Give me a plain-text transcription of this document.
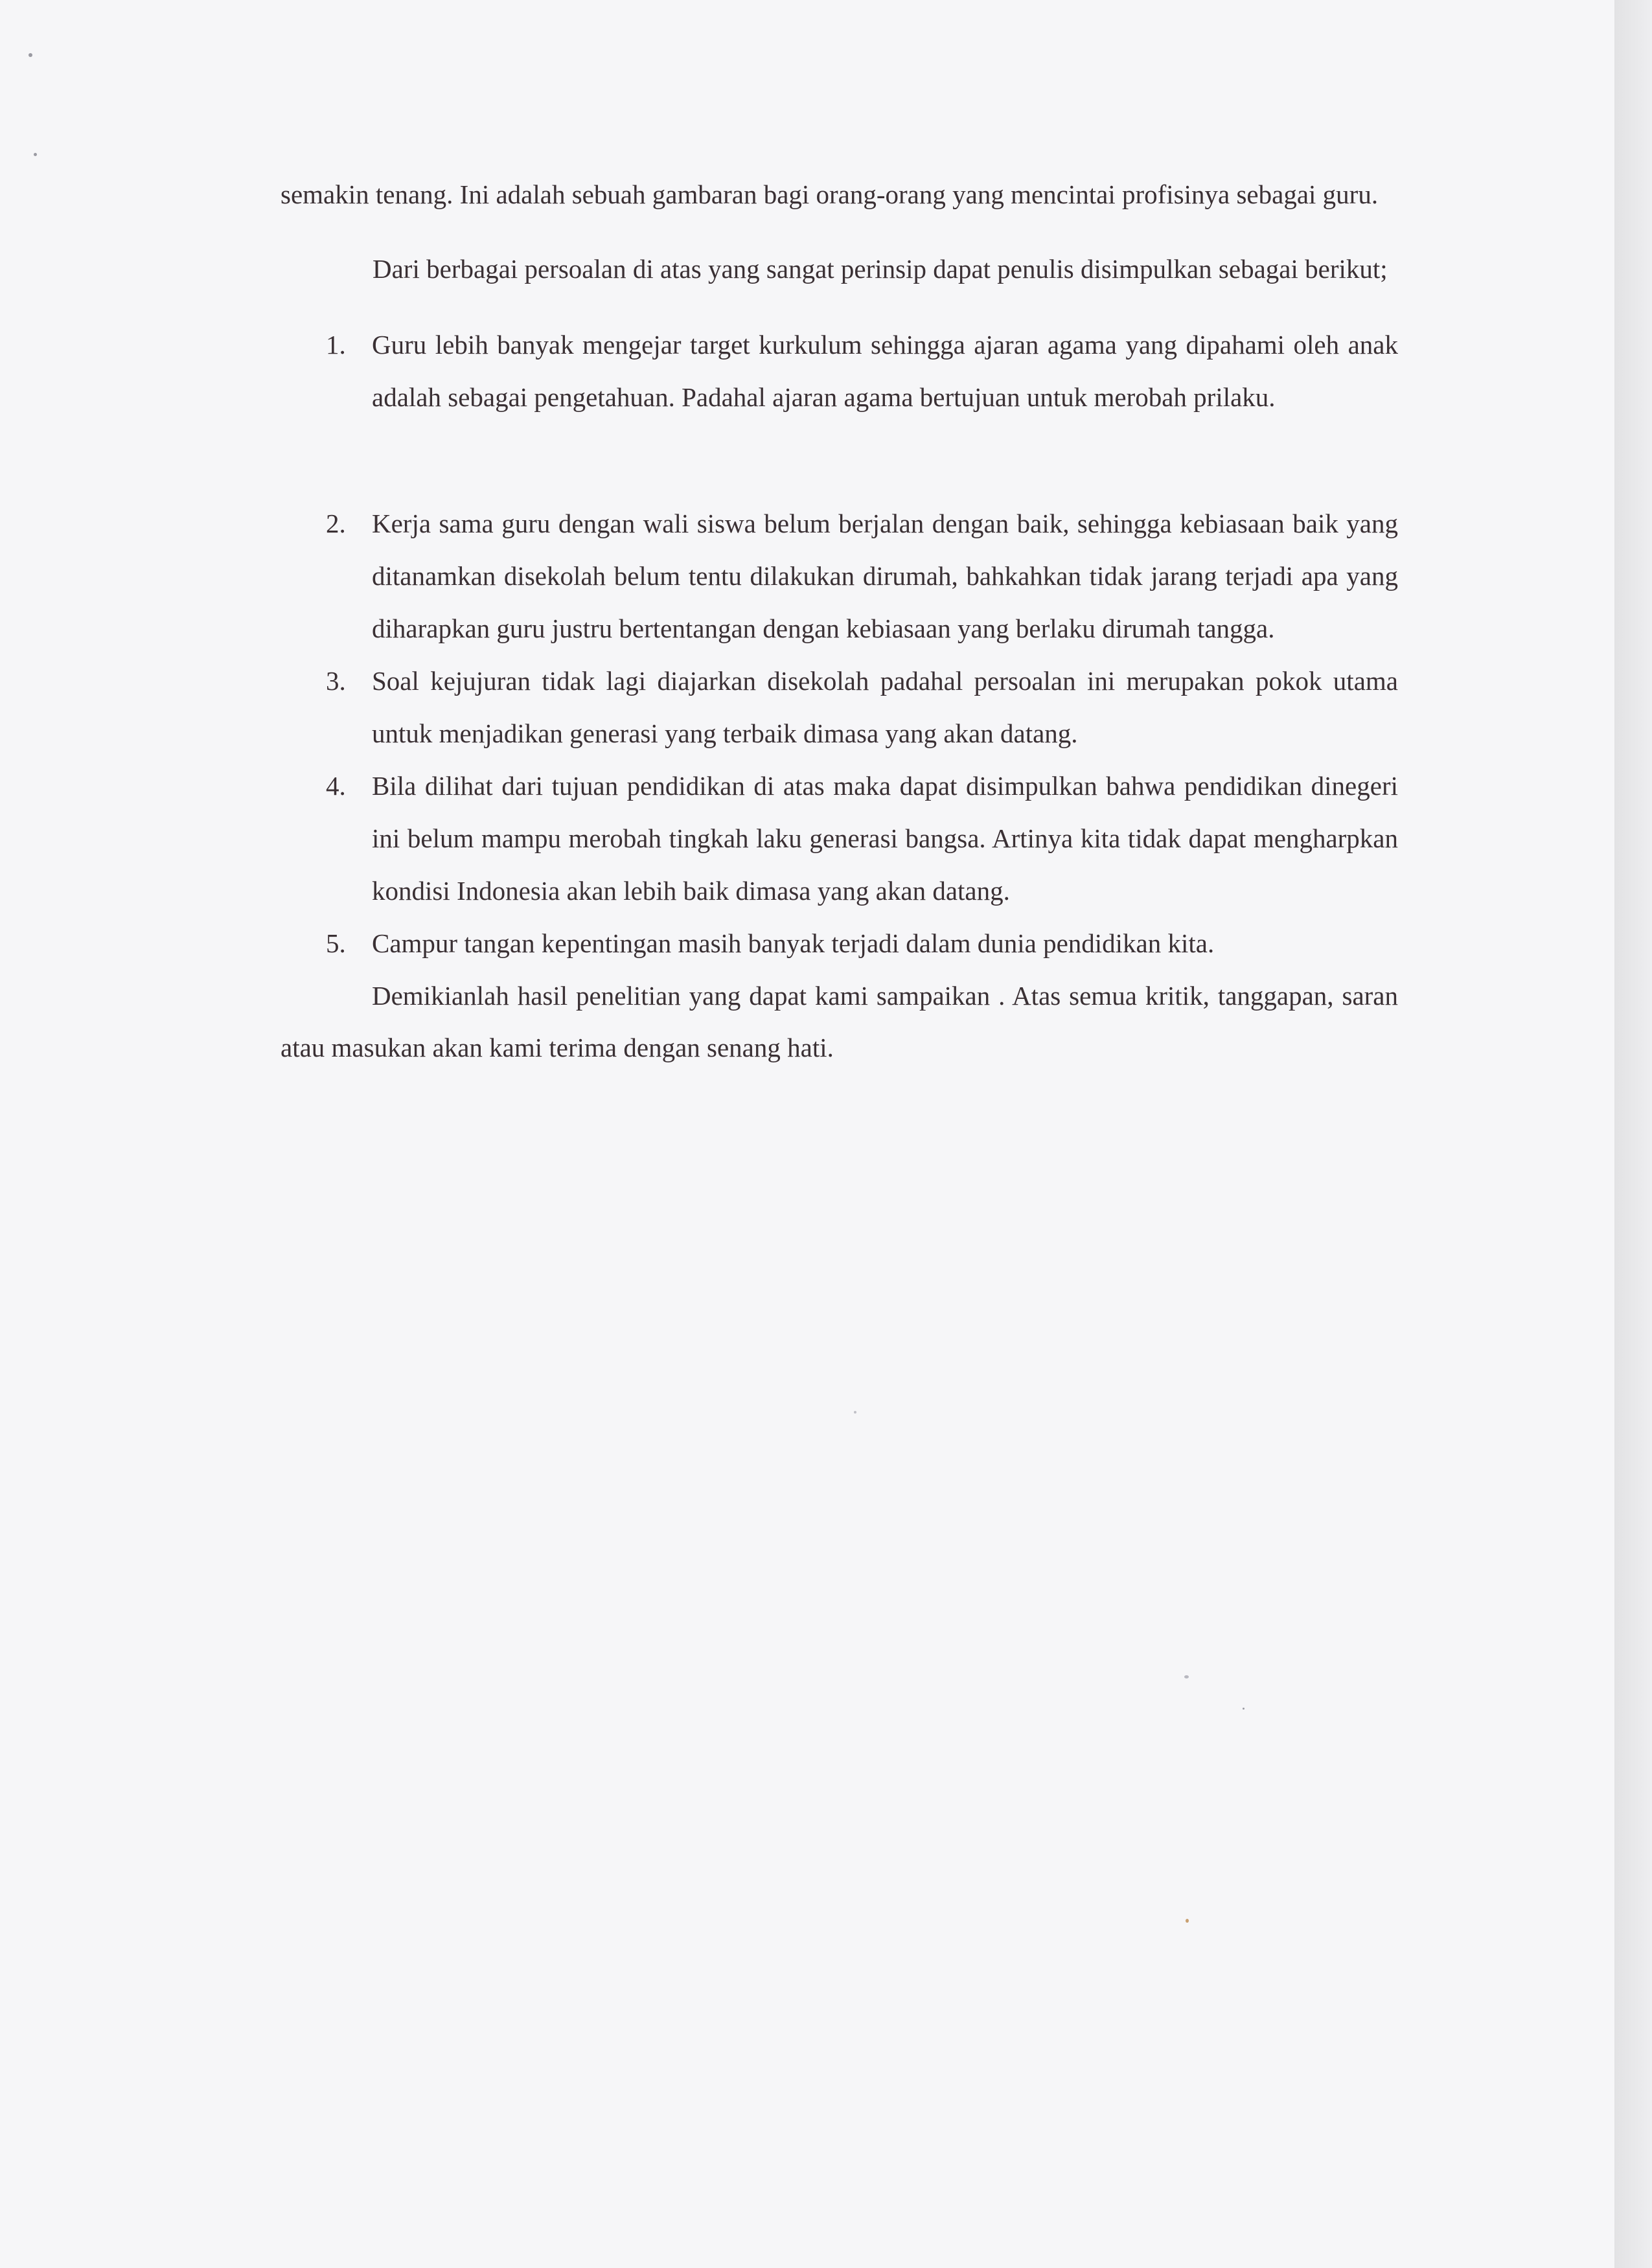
semakin tenang. Ini adalah sebuah gambaran bagi orang-orang yang mencintai profisinya sebagai guru.

Dari berbagai persoalan di atas yang sangat perinsip dapat penulis disimpulkan sebagai berikut;

1. Guru lebih banyak mengejar target kurkulum sehingga ajaran agama yang dipahami oleh anak adalah sebagai pengetahuan. Padahal ajaran agama bertujuan untuk merobah prilaku.
2. Kerja sama guru dengan wali siswa belum berjalan dengan baik, sehingga kebiasaan baik yang ditanamkan disekolah belum tentu dilakukan dirumah, bahkahkan tidak jarang terjadi apa yang diharapkan guru justru bertentangan dengan kebiasaan yang berlaku dirumah tangga.
3. Soal kejujuran tidak lagi diajarkan disekolah padahal persoalan ini merupakan pokok utama untuk menjadikan generasi yang terbaik dimasa yang akan datang.
4. Bila dilihat dari tujuan pendidikan di atas maka dapat disimpulkan bahwa pendidikan dinegeri ini belum mampu merobah tingkah laku generasi bangsa. Artinya kita tidak dapat mengharpkan kondisi Indonesia akan lebih baik dimasa yang akan datang.
5. Campur tangan kepentingan masih banyak terjadi dalam dunia pendidikan kita.

Demikianlah hasil penelitian yang dapat kami sampaikan . Atas semua kritik, tanggapan, saran atau masukan akan kami terima dengan senang hati.
